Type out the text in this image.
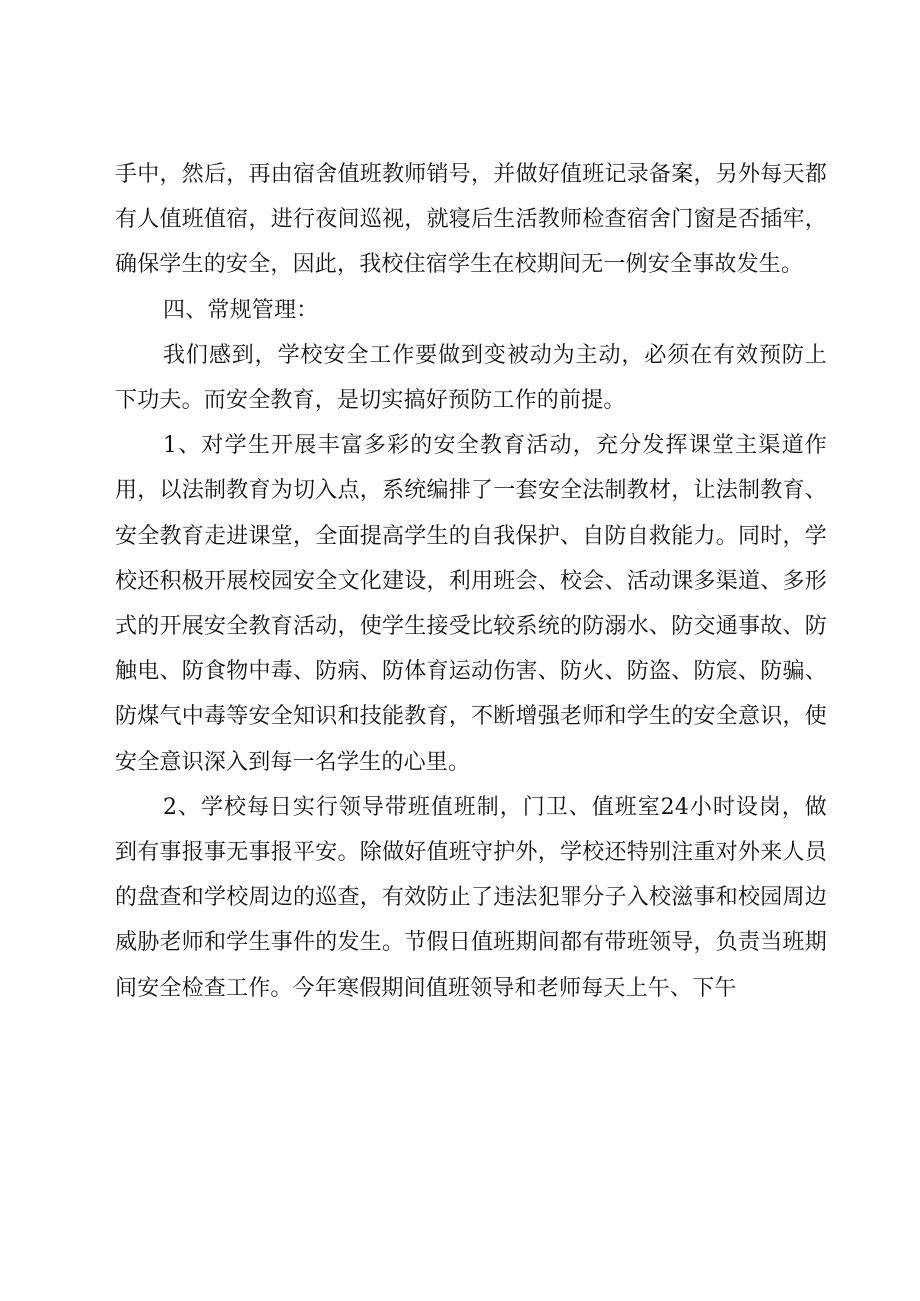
手中，然后，再由宿舍值班教师销号，并做好值班记录备案，另外每天都有人值班值宿，进行夜间巡视，就寝后生活教师检查宿舍门窗是否插牢，确保学生的安全，因此，我校住宿学生在校期间无一例安全事故发生。

四、常规管理：

我们感到，学校安全工作要做到变被动为主动，必须在有效预防上下功夫。而安全教育，是切实搞好预防工作的前提。

1、对学生开展丰富多彩的安全教育活动，充分发挥课堂主渠道作用，以法制教育为切入点，系统编排了一套安全法制教材，让法制教育、安全教育走进课堂，全面提高学生的自我保护、自防自救能力。同时，学校还积极开展校园安全文化建设，利用班会、校会、活动课多渠道、多形式的开展安全教育活动，使学生接受比较系统的防溺水、防交通事故、防触电、防食物中毒、防病、防体育运动伤害、防火、防盗、防宸、防骗、防煤气中毒等安全知识和技能教育，不断增强老师和学生的安全意识，使安全意识深入到每一名学生的心里。

2、学校每日实行领导带班值班制，门卫、值班室24小时设岗，做到有事报事无事报平安。除做好值班守护外，学校还特别注重对外来人员的盘查和学校周边的巡查，有效防止了违法犯罪分子入校滋事和校园周边威胁老师和学生事件的发生。节假日值班期间都有带班领导，负责当班期间安全检查工作。今年寒假期间值班领导和老师每天上午、下午
